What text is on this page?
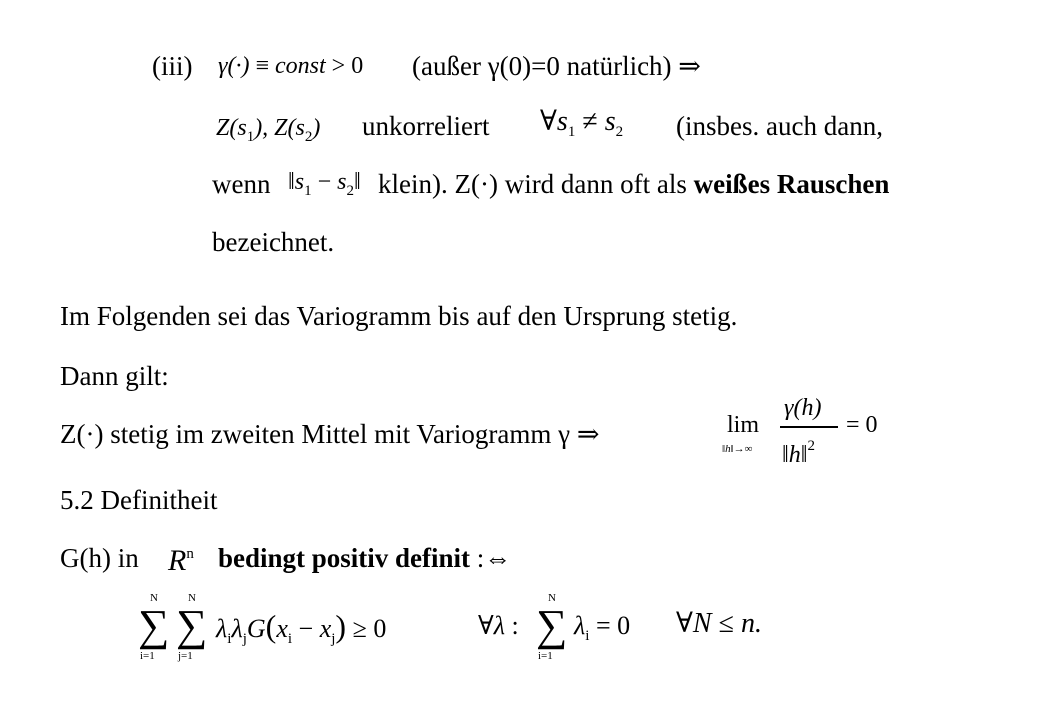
(iii) γ(·) ≡ const > 0 (außer γ(0)=0 natürlich) ⇒
$Z(s_1)$, $Z(s_2)$ unkorreliert $\forall s_1 \ne s_2$ (insbes. auch dann,
wenn $‖s_1$ − $s_2‖$ klein). Z(·) wird dann oft als weißes Rauschen
bezeichnet.
Im Folgenden sei das Variogramm bis auf den Ursprung stetig.
Dann gilt:
Z(·) stetig im zweiten Mittel mit Variogramm γ ⇒	lim
‖h‖→∞
γ(h)
‖h‖$^2$
= 0
5.2 Definitheit
G(h) in $R^n$ bedingt positiv definit :⇔
N
∑
i=1
N
∑
j=1
$\lambda_i\lambda_jG(x_i - x_j) \ge 0$	∀λ :
N
∑
i=1
$\lambda_i = 0$ ∀N ≤ n.
